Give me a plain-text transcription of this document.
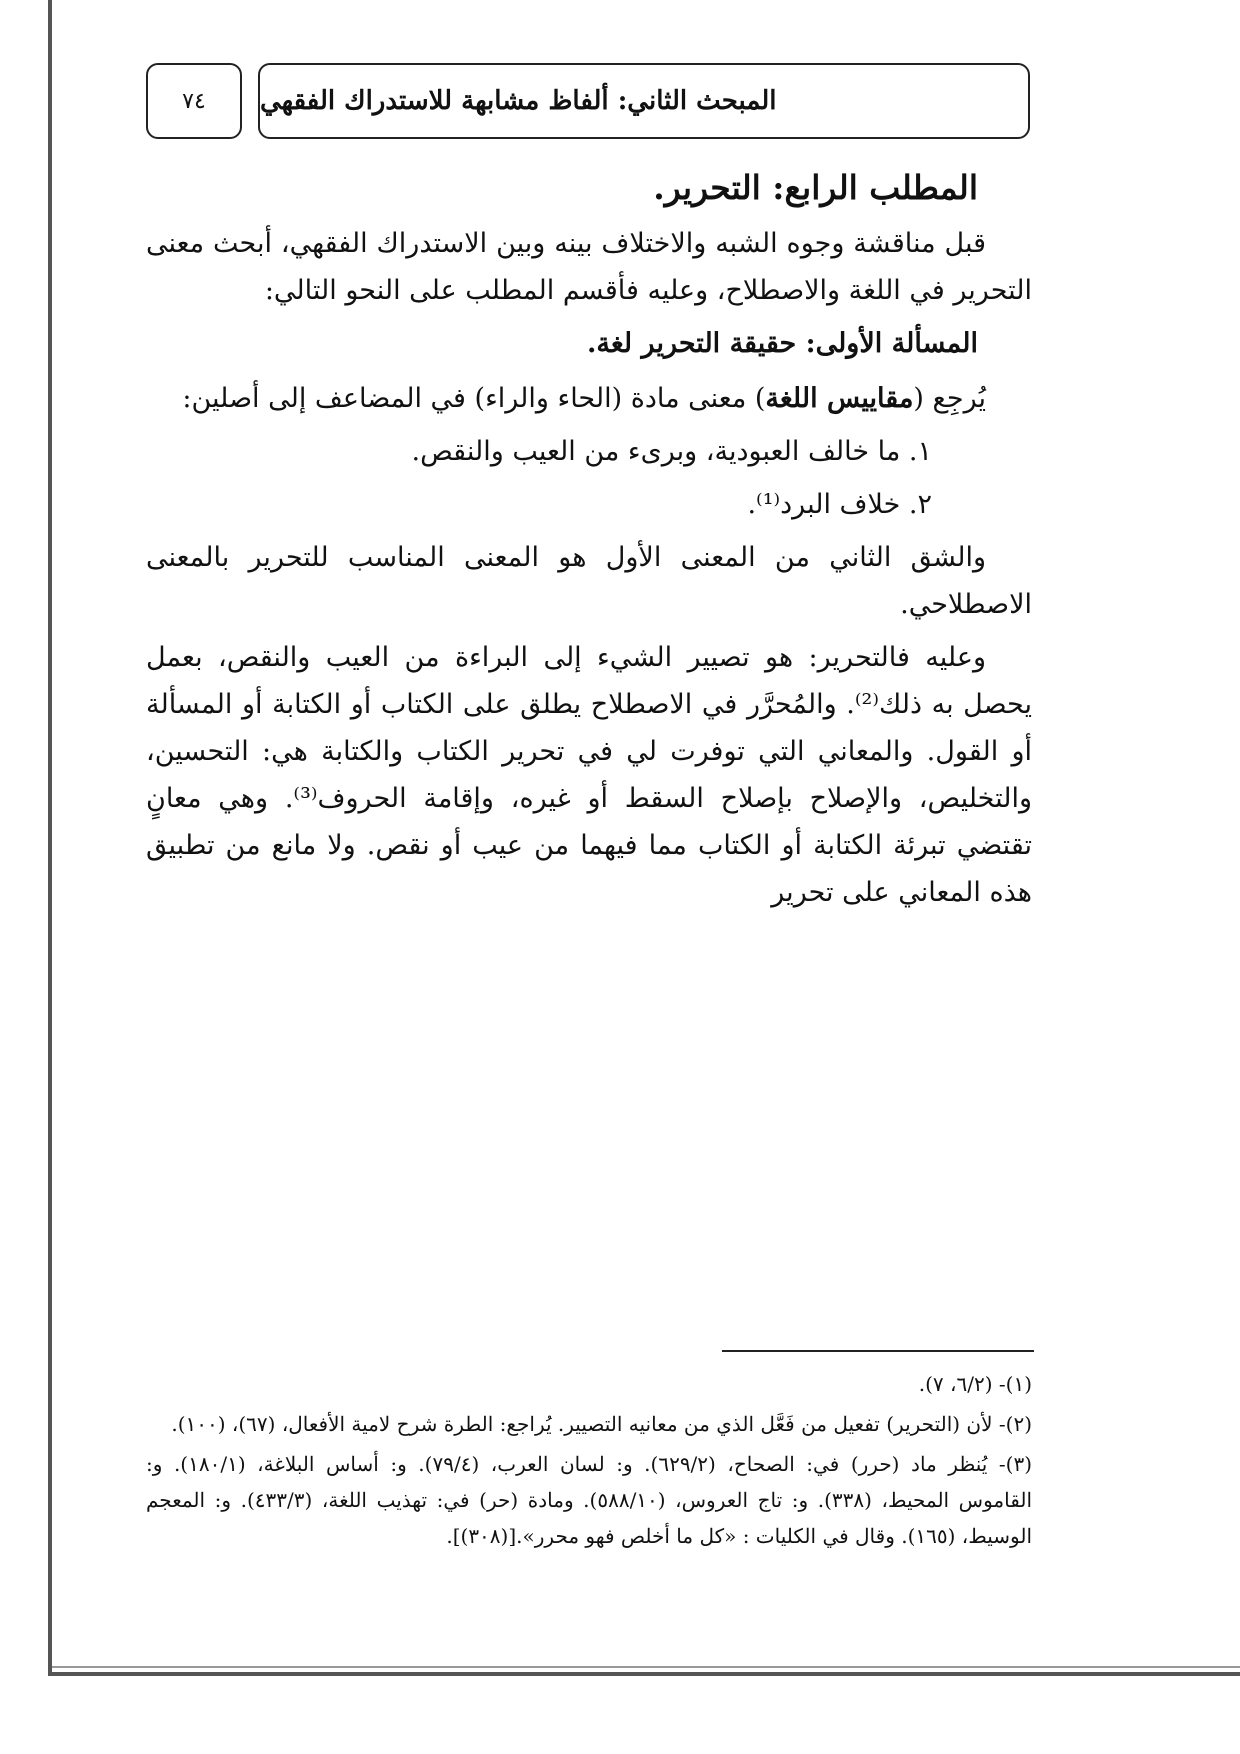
المبحث الثاني: ألفاظ مشابهة للاستدراك الفقهي
٧٤
المطلب الرابع: التحرير.

قبل مناقشة وجوه الشبه والاختلاف بينه وبين الاستدراك الفقهي، أبحث معنى التحرير في اللغة والاصطلاح، وعليه فأقسم المطلب على النحو التالي:

المسألة الأولى: حقيقة التحرير لغة.

يُرجِع (مقاييس اللغة) معنى مادة (الحاء والراء) في المضاعف إلى أصلين:

١. ما خالف العبودية، وبرىء من العيب والنقص.
٢. خلاف البرد⁽¹⁾.

والشق الثاني من المعنى الأول هو المعنى المناسب للتحرير بالمعنى الاصطلاحي.

وعليه فالتحرير: هو تصيير الشيء إلى البراءة من العيب والنقص، بعمل يحصل به ذلك⁽²⁾. والمُحرَّر في الاصطلاح يطلق على الكتاب أو الكتابة أو المسألة أو القول. والمعاني التي توفرت لي في تحرير الكتاب والكتابة هي: التحسين، والتخليص، والإصلاح بإصلاح السقط أو غيره، وإقامة الحروف⁽³⁾. وهي معانٍ تقتضي تبرئة الكتابة أو الكتاب مما فيهما من عيب أو نقص. ولا مانع من تطبيق هذه المعاني على تحرير

(١)- (٦/٢، ٧).

(٢)- لأن (التحرير) تفعيل من فَعَّل الذي من معانيه التصيير. يُراجع: الطرة شرح لامية الأفعال، (٦٧)، (١٠٠).

(٣)- يُنظر ماد (حرر) في: الصحاح، (٦٢٩/٢). و: لسان العرب، (٧٩/٤). و: أساس البلاغة، (١٨٠/١). و: القاموس المحيط، (٣٣٨). و: تاج العروس، (٥٨٨/١٠). ومادة (حر) في: تهذيب اللغة، (٤٣٣/٣). و: المعجم الوسيط، (١٦٥). وقال في الكليات : «كل ما أخلص فهو محرر».[(٣٠٨)].
